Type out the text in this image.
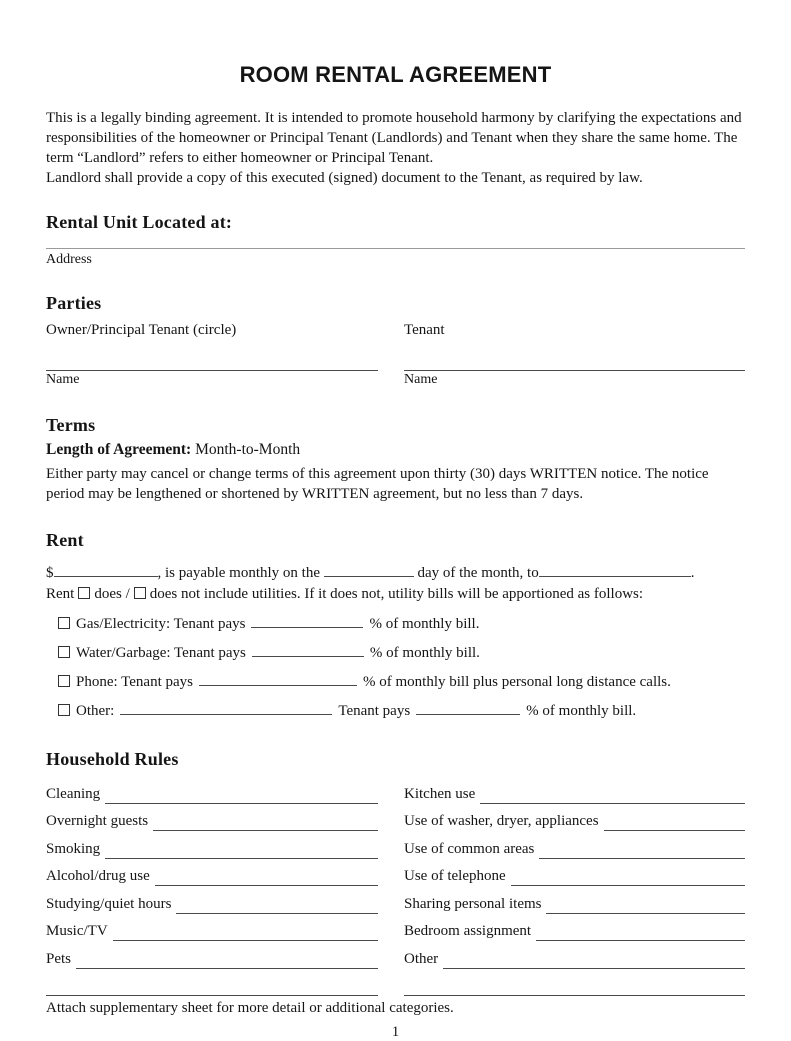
ROOM RENTAL AGREEMENT
This is a legally binding agreement. It is intended to promote household harmony by clarifying the expectations and responsibilities of the homeowner or Principal Tenant (Landlords) and Tenant when they share the same home. The term “Landlord” refers to either homeowner or Principal Tenant.
Landlord shall provide a copy of this executed (signed) document to the Tenant, as required by law.
Rental Unit Located at:
Address
Parties
Owner/Principal Tenant (circle)	Tenant
Name	Name
Terms
Length of Agreement: Month-to-Month
Either party may cancel or change terms of this agreement upon thirty (30) days WRITTEN notice. The notice period may be lengthened or shortened by WRITTEN agreement, but no less than 7 days.
Rent
$	, is payable monthly on the	day of the month, to	.
Rent does / does not include utilities. If it does not, utility bills will be apportioned as follows:
Gas/Electricity: Tenant pays	% of monthly bill.
Water/Garbage: Tenant pays	% of monthly bill.
Phone: Tenant pays	% of monthly bill plus personal long distance calls.
Other:	Tenant pays	% of monthly bill.
Household Rules
Cleaning	Kitchen use
Overnight guests	Use of washer, dryer, appliances
Smoking	Use of common areas
Alcohol/drug use	Use of telephone
Studying/quiet hours	Sharing personal items
Music/TV	Bedroom assignment
Pets	Other
Attach supplementary sheet for more detail or additional categories.
1
